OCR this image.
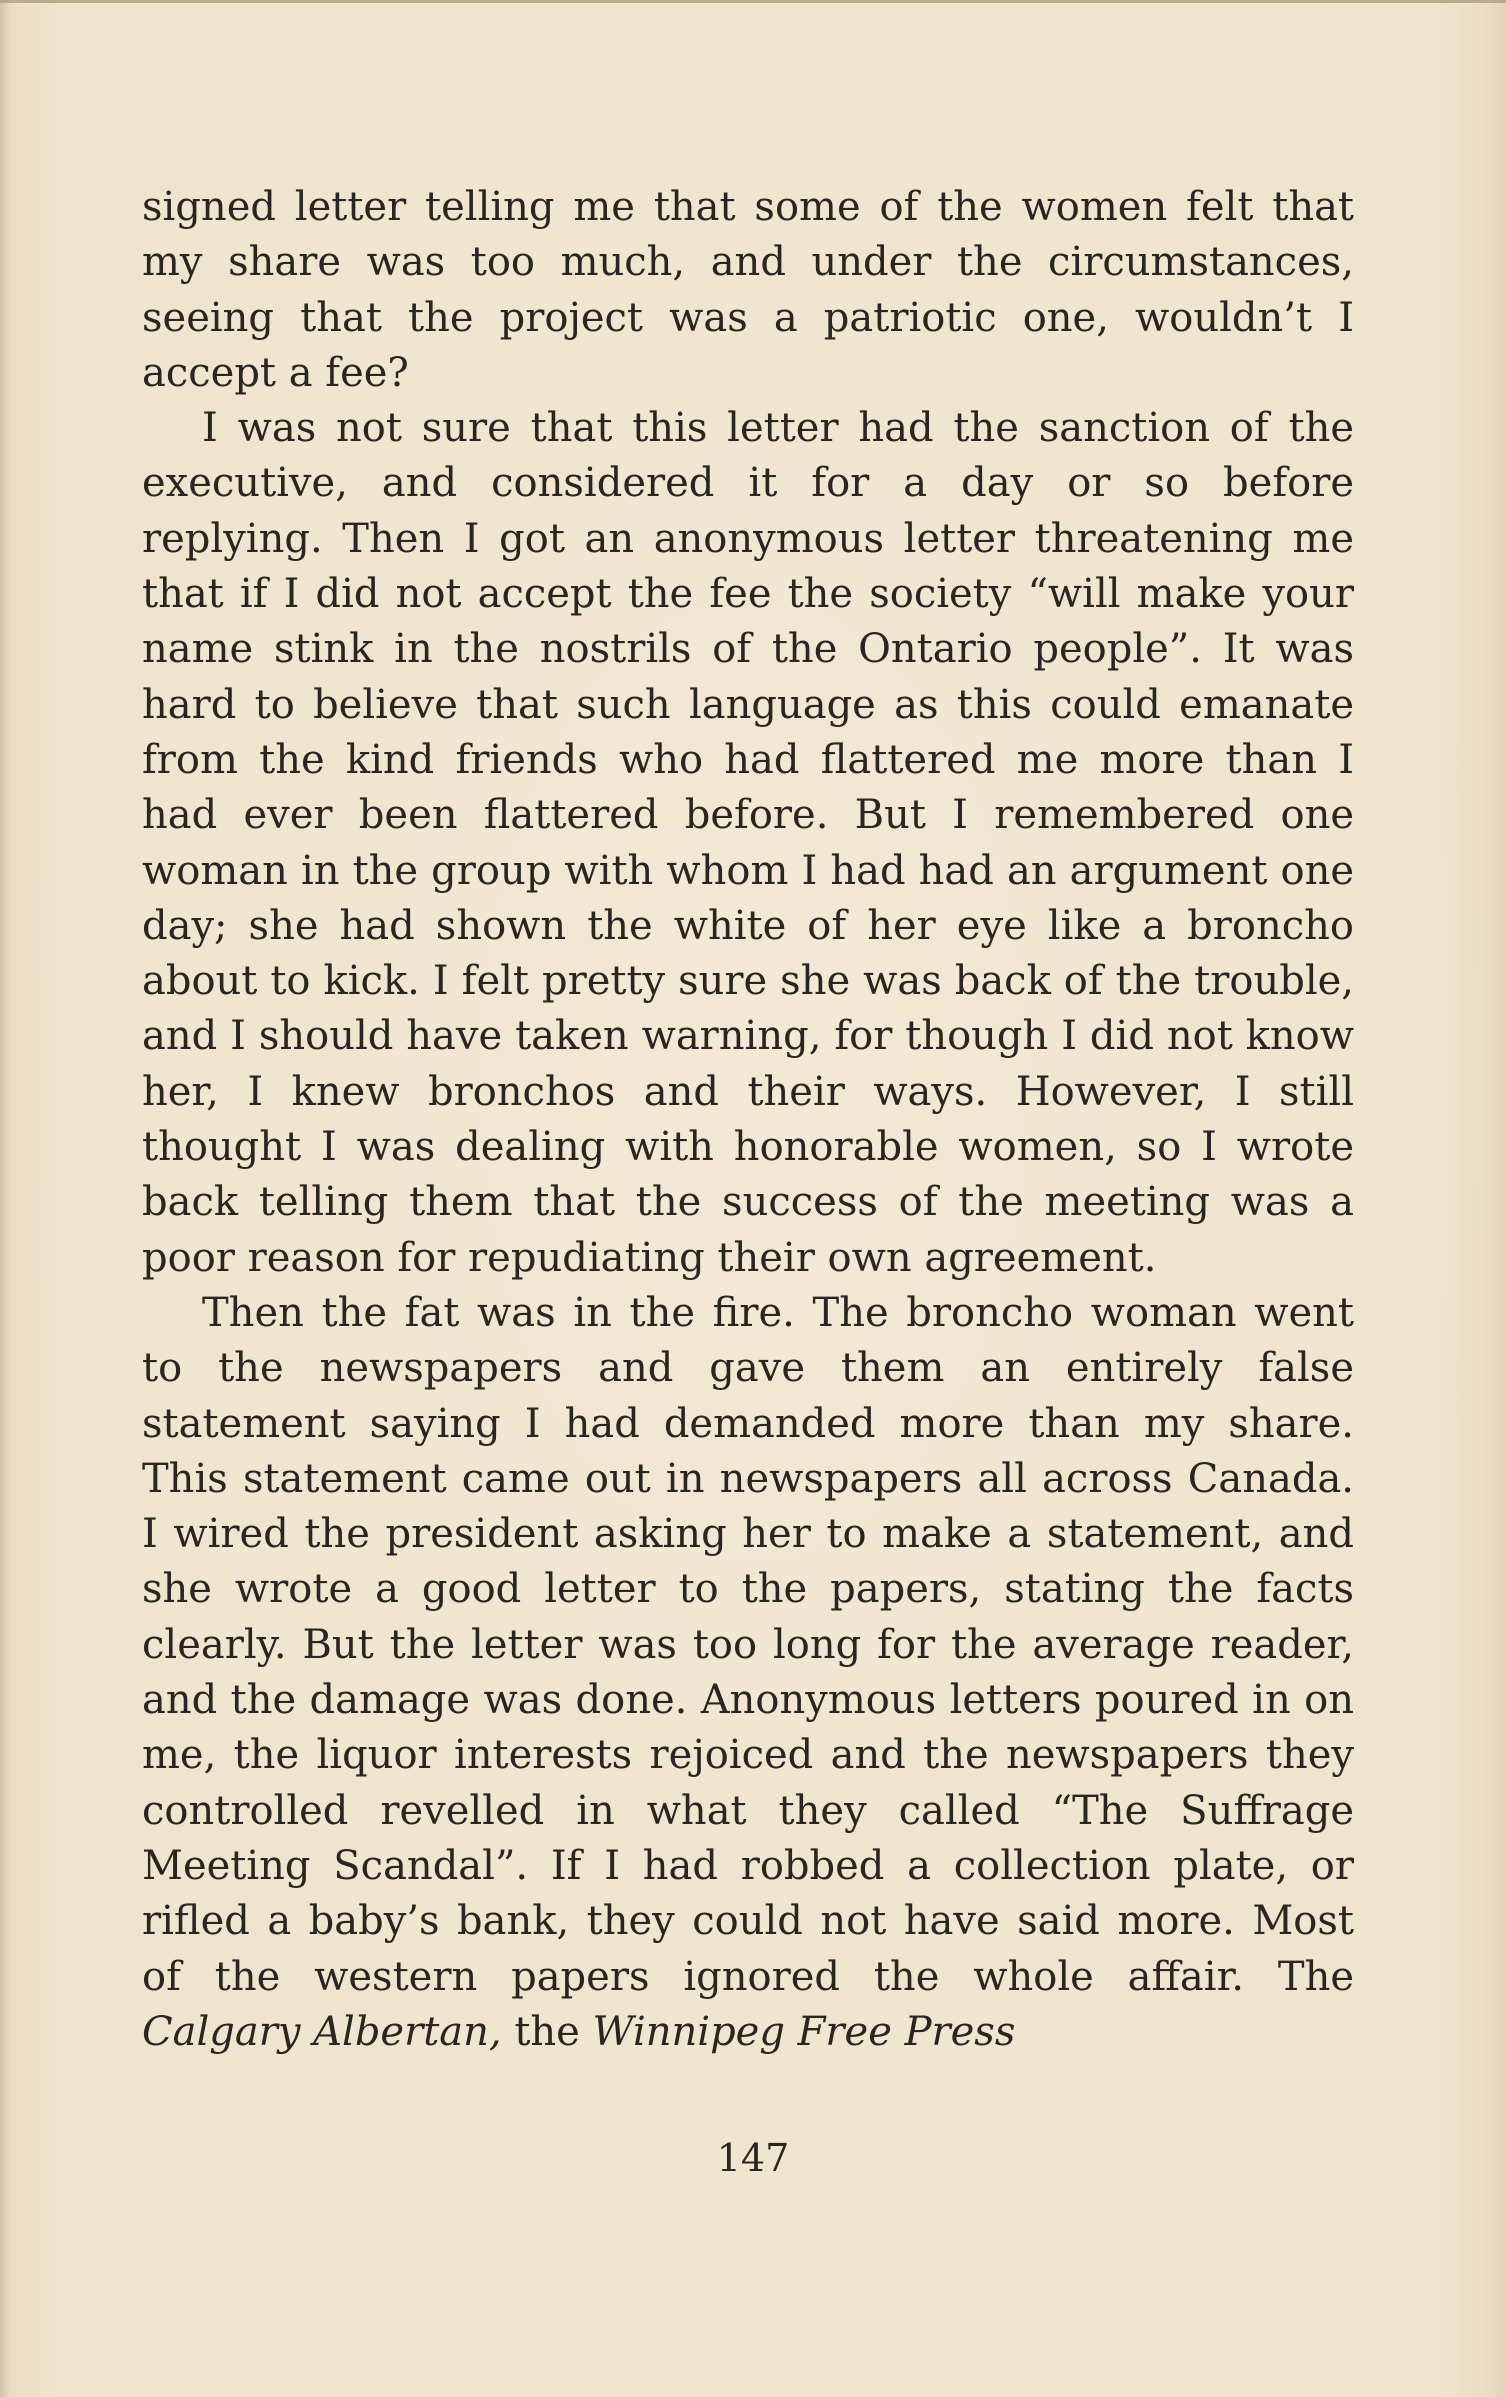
signed letter telling me that some of the women felt that my share was too much, and under the circumstances, seeing that the project was a patriotic one, wouldn’t I accept a fee?

I was not sure that this letter had the sanction of the executive, and considered it for a day or so before replying. Then I got an anonymous letter threatening me that if I did not accept the fee the society “will make your name stink in the nostrils of the Ontario people”. It was hard to believe that such language as this could emanate from the kind friends who had flattered me more than I had ever been flattered before. But I remembered one woman in the group with whom I had had an argument one day; she had shown the white of her eye like a broncho about to kick. I felt pretty sure she was back of the trouble, and I should have taken warning, for though I did not know her, I knew bronchos and their ways. However, I still thought I was dealing with honorable women, so I wrote back telling them that the success of the meeting was a poor reason for repudiating their own agreement.

Then the fat was in the fire. The broncho woman went to the newspapers and gave them an entirely false statement saying I had demanded more than my share. This statement came out in newspapers all across Canada. I wired the president asking her to make a statement, and she wrote a good letter to the papers, stating the facts clearly. But the letter was too long for the average reader, and the damage was done. Anonymous letters poured in on me, the liquor interests rejoiced and the newspapers they controlled revelled in what they called “The Suffrage Meeting Scandal”. If I had robbed a collection plate, or rifled a baby’s bank, they could not have said more. Most of the western papers ignored the whole affair. The Calgary Albertan, the Winnipeg Free Press

147
